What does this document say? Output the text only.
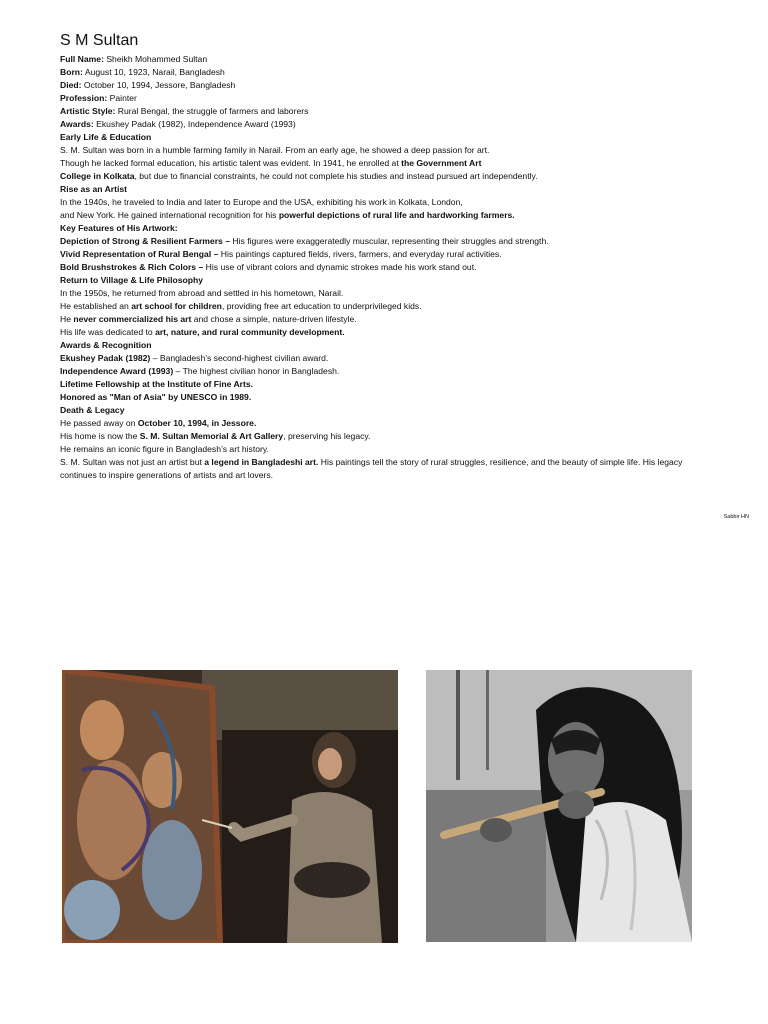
S M Sultan
Full Name: Sheikh Mohammed Sultan
Born: August 10, 1923, Narail, Bangladesh
Died: October 10, 1994, Jessore, Bangladesh
Profession: Painter
Artistic Style: Rural Bengal, the struggle of farmers and laborers
Awards: Ekushey Padak (1982), Independence Award (1993)
Early Life & Education
S. M. Sultan was born in a humble farming family in Narail. From an early age, he showed a deep passion for art.
Though he lacked formal education, his artistic talent was evident. In 1941, he enrolled at the Government Art
College in Kolkata, but due to financial constraints, he could not complete his studies and instead pursued art independently.
Rise as an Artist
In the 1940s, he traveled to India and later to Europe and the USA, exhibiting his work in Kolkata, London,
and New York. He gained international recognition for his powerful depictions of rural life and hardworking farmers.
Key Features of His Artwork:
Depiction of Strong & Resilient Farmers – His figures were exaggeratedly muscular, representing their struggles and strength.
Vivid Representation of Rural Bengal – His paintings captured fields, rivers, farmers, and everyday rural activities.
Bold Brushstrokes & Rich Colors – His use of vibrant colors and dynamic strokes made his work stand out.
Return to Village & Life Philosophy
In the 1950s, he returned from abroad and settled in his hometown, Narail.
He established an art school for children, providing free art education to underprivileged kids.
He never commercialized his art and chose a simple, nature-driven lifestyle.
His life was dedicated to art, nature, and rural community development.
Awards & Recognition
Ekushey Padak (1982) – Bangladesh’s second-highest civilian award.
Independence Award (1993) – The highest civilian honor in Bangladesh.
Lifetime Fellowship at the Institute of Fine Arts.
Honored as "Man of Asia" by UNESCO in 1989.
Death & Legacy
He passed away on October 10, 1994, in Jessore.
His home is now the S. M. Sultan Memorial & Art Gallery, preserving his legacy.
He remains an iconic figure in Bangladesh’s art history.
S. M. Sultan was not just an artist but a legend in Bangladeshi art. His paintings tell the story of rural struggles, resilience, and the beauty of simple life. His legacy continues to inspire generations of artists and art lovers.
Sabbir HN
